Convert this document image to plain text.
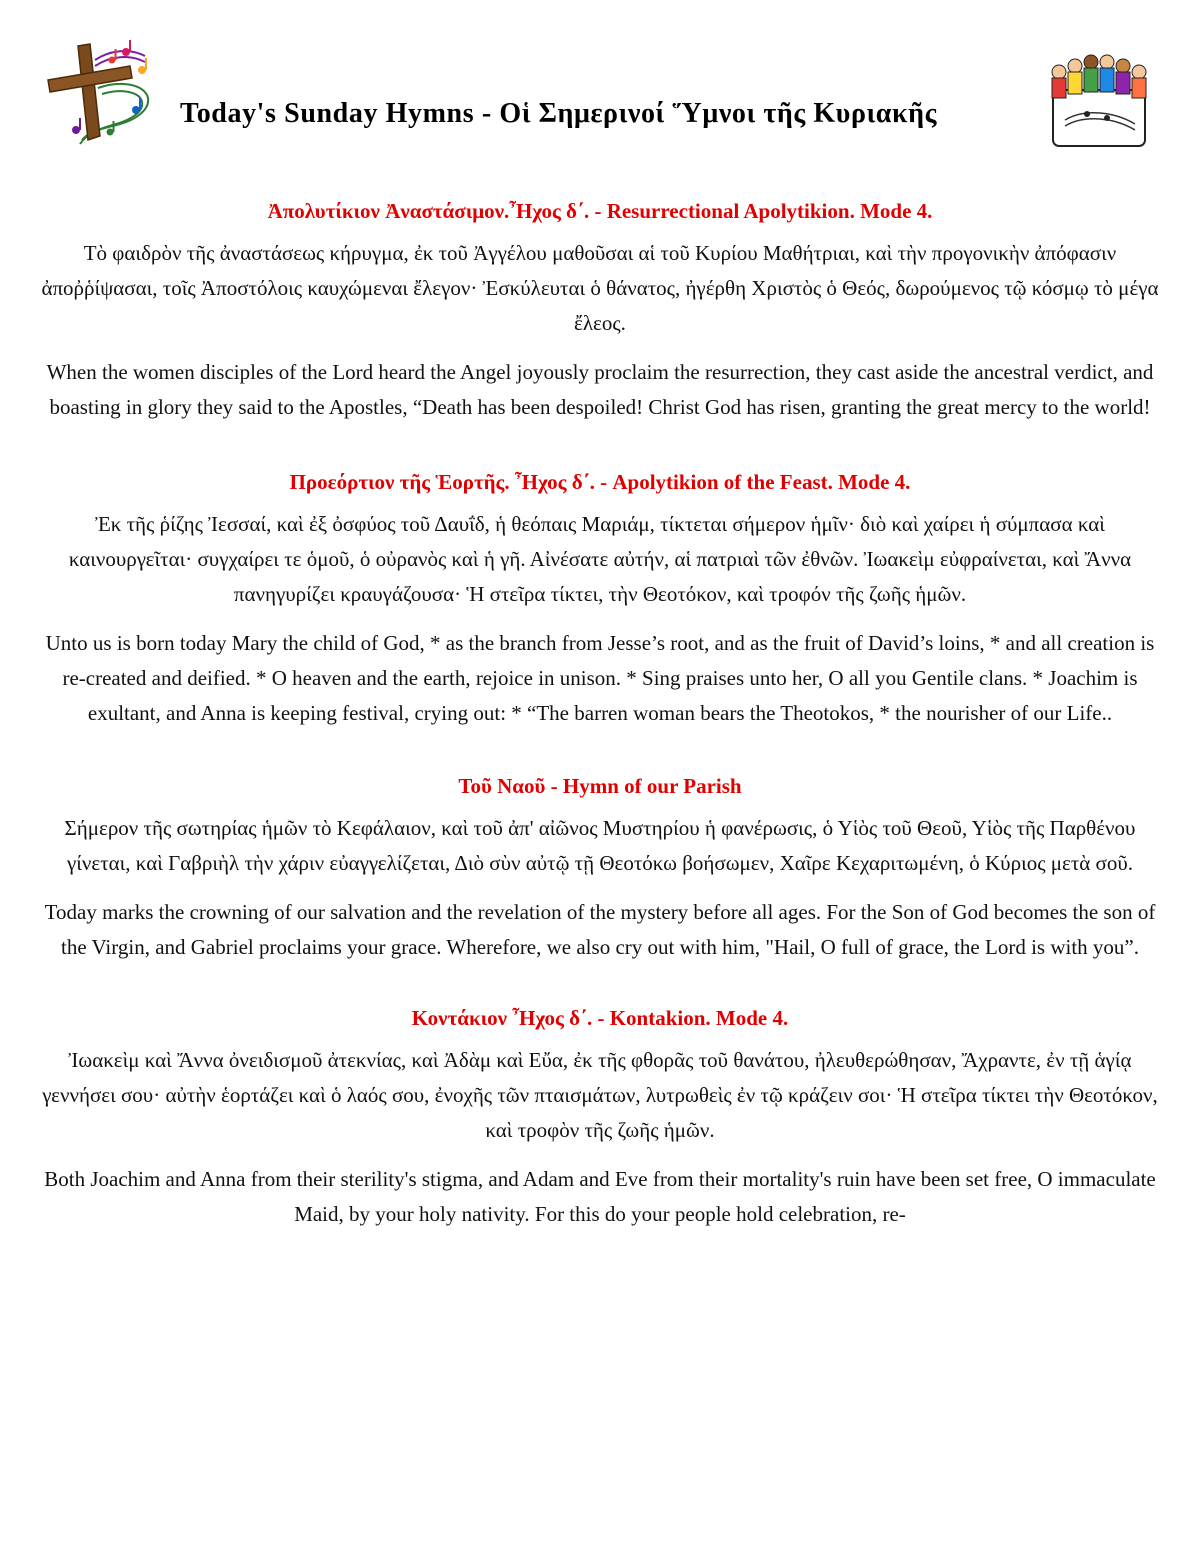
Today's Sunday Hymns - Οἱ Σημερινοί Ὕμνοι τῆς Κυριακῆς
Ἀπολυτίκιον Ἀναστάσιμον.Ἦχος δ΄. - Resurrectional Apolytikion. Mode 4.

Τὸ φαιδρὸν τῆς ἀναστάσεως κήρυγμα, ἐκ τοῦ Ἀγγέλου μαθοῦσαι αἱ τοῦ Κυρίου Μαθήτριαι, καὶ τὴν προγονικὴν ἀπόφασιν ἀποῤῥίψασαι, τοῖς Ἀποστόλοις καυχώμεναι ἔλεγον· Ἐσκύλευται ὁ θάνατος, ἠγέρθη Χριστὸς ὁ Θεός, δωρούμενος τῷ κόσμῳ τὸ μέγα ἔλεος.

When the women disciples of the Lord heard the Angel joyously proclaim the resurrection, they cast aside the ancestral verdict, and boasting in glory they said to the Apostles, “Death has been despoiled! Christ God has risen, granting the great mercy to the world!

Προεόρτιον τῆς Ἑορτῆς. Ἦχος δ΄. - Apolytikion of the Feast. Mode 4.

Ἐκ τῆς ῥίζης Ἰεσσαί, καὶ ἐξ ὀσφύος τοῦ Δαυΐδ, ἡ θεόπαις Μαριάμ, τίκτεται σήμερον ἡμῖν· διὸ καὶ χαίρει ἡ σύμπασα καὶ καινουργεῖται· συγχαίρει τε ὁμοῦ, ὁ οὐρανὸς καὶ ἡ γῆ. Αἰνέσατε αὐτήν, αἱ πατριαὶ τῶν ἐθνῶν. Ἰωακεὶμ εὐφραίνεται, καὶ Ἄννα πανηγυρίζει κραυγάζουσα· Ἡ στεῖρα τίκτει, τὴν Θεοτόκον, καὶ τροφόν τῆς ζωῆς ἡμῶν.

Unto us is born today Mary the child of God, * as the branch from Jesse’s root, and as the fruit of David’s loins, * and all creation is re-created and deified. * O heaven and the earth, rejoice in unison. * Sing praises unto her, O all you Gentile clans. * Joachim is exultant, and Anna is keeping festival, crying out: * “The barren woman bears the Theotokos, * the nourisher of our Life..

Τοῦ Ναοῦ - Hymn of our Parish

Σήμερον τῆς σωτηρίας ἡμῶν τὸ Κεφάλαιον, καὶ τοῦ ἀπ' αἰῶνος Μυστηρίου ἡ φανέρωσις, ὁ Υἱὸς τοῦ Θεοῦ, Υἱὸς τῆς Παρθένου γίνεται, καὶ Γαβριὴλ τὴν χάριν εὐαγγελίζεται, Διὸ σὺν αὐτῷ τῇ Θεοτόκω βοήσωμεν, Χαῖρε Κεχαριτωμένη, ὁ Κύριος μετὰ σοῦ.

Today marks the crowning of our salvation and the revelation of the mystery before all ages. For the Son of God becomes the son of the Virgin, and Gabriel proclaims your grace. Wherefore, we also cry out with him, "Hail, O full of grace, the Lord is with you”.

Κοντάκιον Ἦχος δ΄. - Kontakion. Mode 4.

Ἰωακεὶμ καὶ Ἄννα ὀνειδισμοῦ ἀτεκνίας, καὶ Ἀδὰμ καὶ Εὔα, ἐκ τῆς φθορᾶς τοῦ θανάτου, ἠλευθερώθησαν, Ἄχραντε, ἐν τῇ ἁγίᾳ γεννήσει σου· αὐτὴν ἑορτάζει καὶ ὁ λαός σου, ἐνοχῆς τῶν πταισμάτων, λυτρωθεὶς ἐν τῷ κράζειν σοι· Ἡ στεῖρα τίκτει τὴν Θεοτόκον, καὶ τροφὸν τῆς ζωῆς ἡμῶν.

Both Joachim and Anna from their sterility's stigma, and Adam and Eve from their mortality's ruin have been set free, O immaculate Maid, by your holy nativity. For this do your people hold celebration, re-
